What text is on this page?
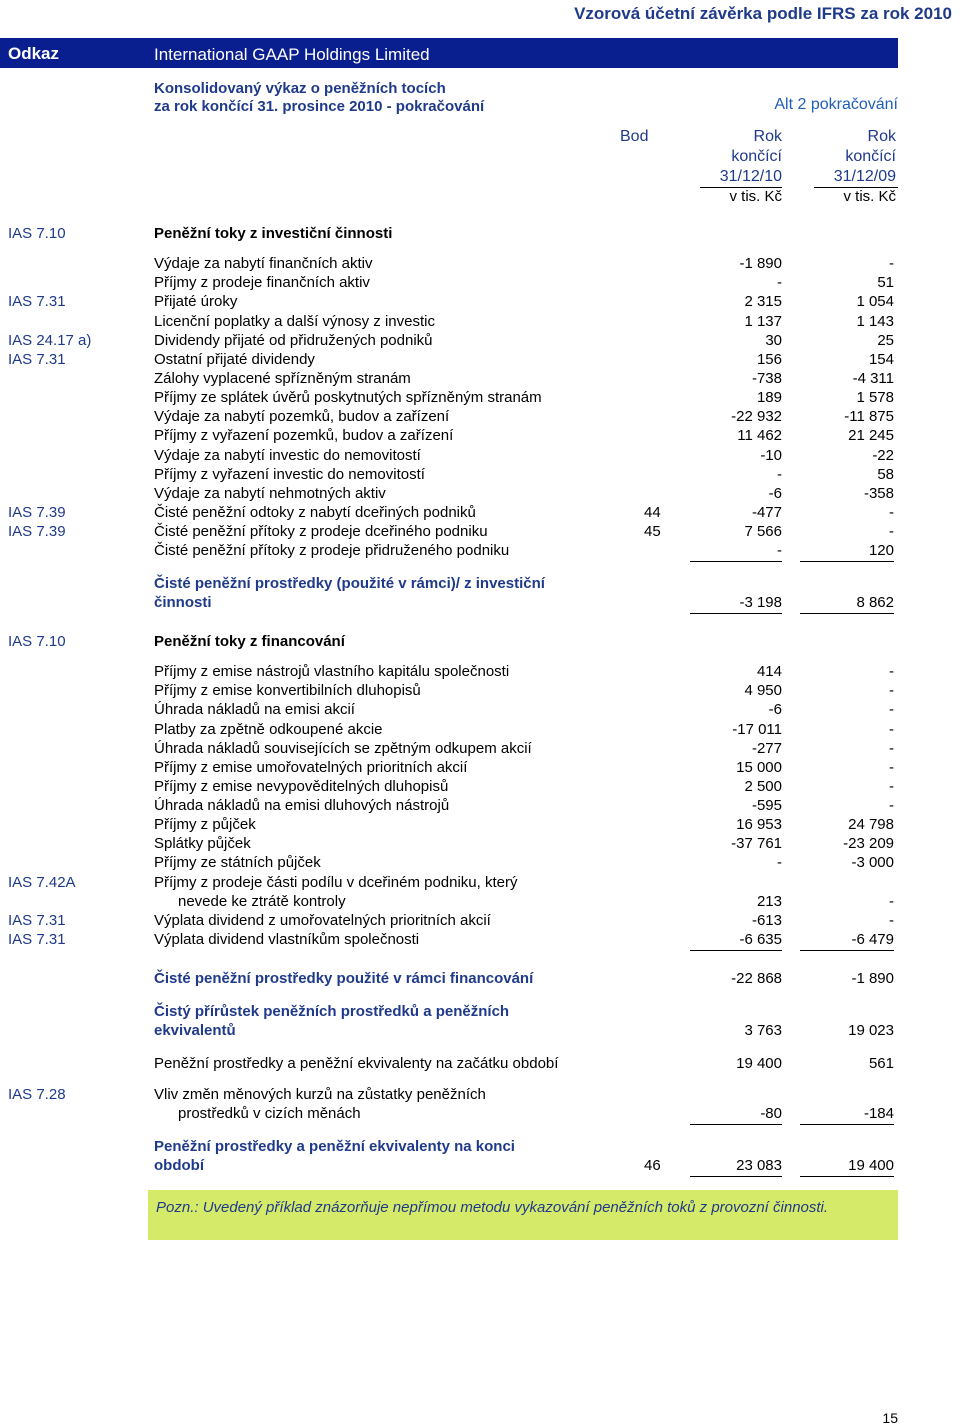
Vzorová účetní závěrka podle IFRS za rok 2010
Odkaz	International GAAP Holdings Limited
Konsolidovaný výkaz o peněžních tocích
za rok končící 31. prosince 2010 - pokračování	Alt 2 pokračování
Bod	Rok
končící
31/12/10
v tis. Kč
Rok
končící
31/12/09
v tis. Kč
IAS 7.10	Peněžní toky z investiční činnosti
Výdaje za nabytí finančních aktiv	-1 890	-
Příjmy z prodeje finančních aktiv	-	51
IAS 7.31	Přijaté úroky	2 315	1 054
Licenční poplatky a další výnosy z investic	1 137	1 143
IAS 24.17 a)	Dividendy přijaté od přidružených podniků	30	25
IAS 7.31	Ostatní přijaté dividendy	156	154
Zálohy vyplacené spřízněným stranám	-738	-4 311
Příjmy ze splátek úvěrů poskytnutých spřízněným stranám	189	1 578
Výdaje za nabytí pozemků, budov a zařízení	-22 932	-11 875
Příjmy z vyřazení pozemků, budov a zařízení	11 462	21 245
Výdaje za nabytí investic do nemovitostí	-10	-22
Příjmy z vyřazení investic do nemovitostí	-	58
Výdaje za nabytí nehmotných aktiv	-6	-358
IAS 7.39	Čisté peněžní odtoky z nabytí dceřiných podniků	44	-477	-
IAS 7.39	Čisté peněžní přítoky z prodeje dceřiného podniku	45	7 566	-
Čisté peněžní přítoky z prodeje přidruženého podniku	-	120
Čisté peněžní prostředky (použité v rámci)/ z investiční
činnosti	-3 198	8 862
IAS 7.10	Peněžní toky z financování
Příjmy z emise nástrojů vlastního kapitálu společnosti	414	-
Příjmy z emise konvertibilních dluhopisů	4 950	-
Úhrada nákladů na emisi akcií	-6	-
Platby za zpětně odkoupené akcie	-17 011	-
Úhrada nákladů souvisejících se zpětným odkupem akcií	-277	-
Příjmy z emise umořovatelných prioritních akcií	15 000	-
Příjmy z emise nevypověditelných dluhopisů	2 500	-
Úhrada nákladů na emisi dluhových nástrojů	-595	-
Příjmy z půjček	16 953	24 798
Splátky půjček	-37 761	-23 209
Příjmy ze státních půjček	-	-3 000
IAS 7.42A	Příjmy z prodeje části podílu v dceřiném podniku, který
nevede ke ztrátě kontroly	213	-
IAS 7.31	Výplata dividend z umořovatelných prioritních akcií	-613	-
IAS 7.31	Výplata dividend vlastníkům společnosti	-6 635	-6 479
Čisté peněžní prostředky použité v rámci financování	-22 868	-1 890
Čistý přírůstek peněžních prostředků a peněžních
ekvivalentů	3 763	19 023
Peněžní prostředky a peněžní ekvivalenty na začátku období	19 400	561
IAS 7.28	Vliv změn měnových kurzů na zůstatky peněžních
prostředků v cizích měnách	-80	-184
Peněžní prostředky a peněžní ekvivalenty na konci
období	46	23 083	19 400
Pozn.: Uvedený příklad znázorňuje nepřímou metodu vykazování peněžních toků z provozní činnosti.
15
